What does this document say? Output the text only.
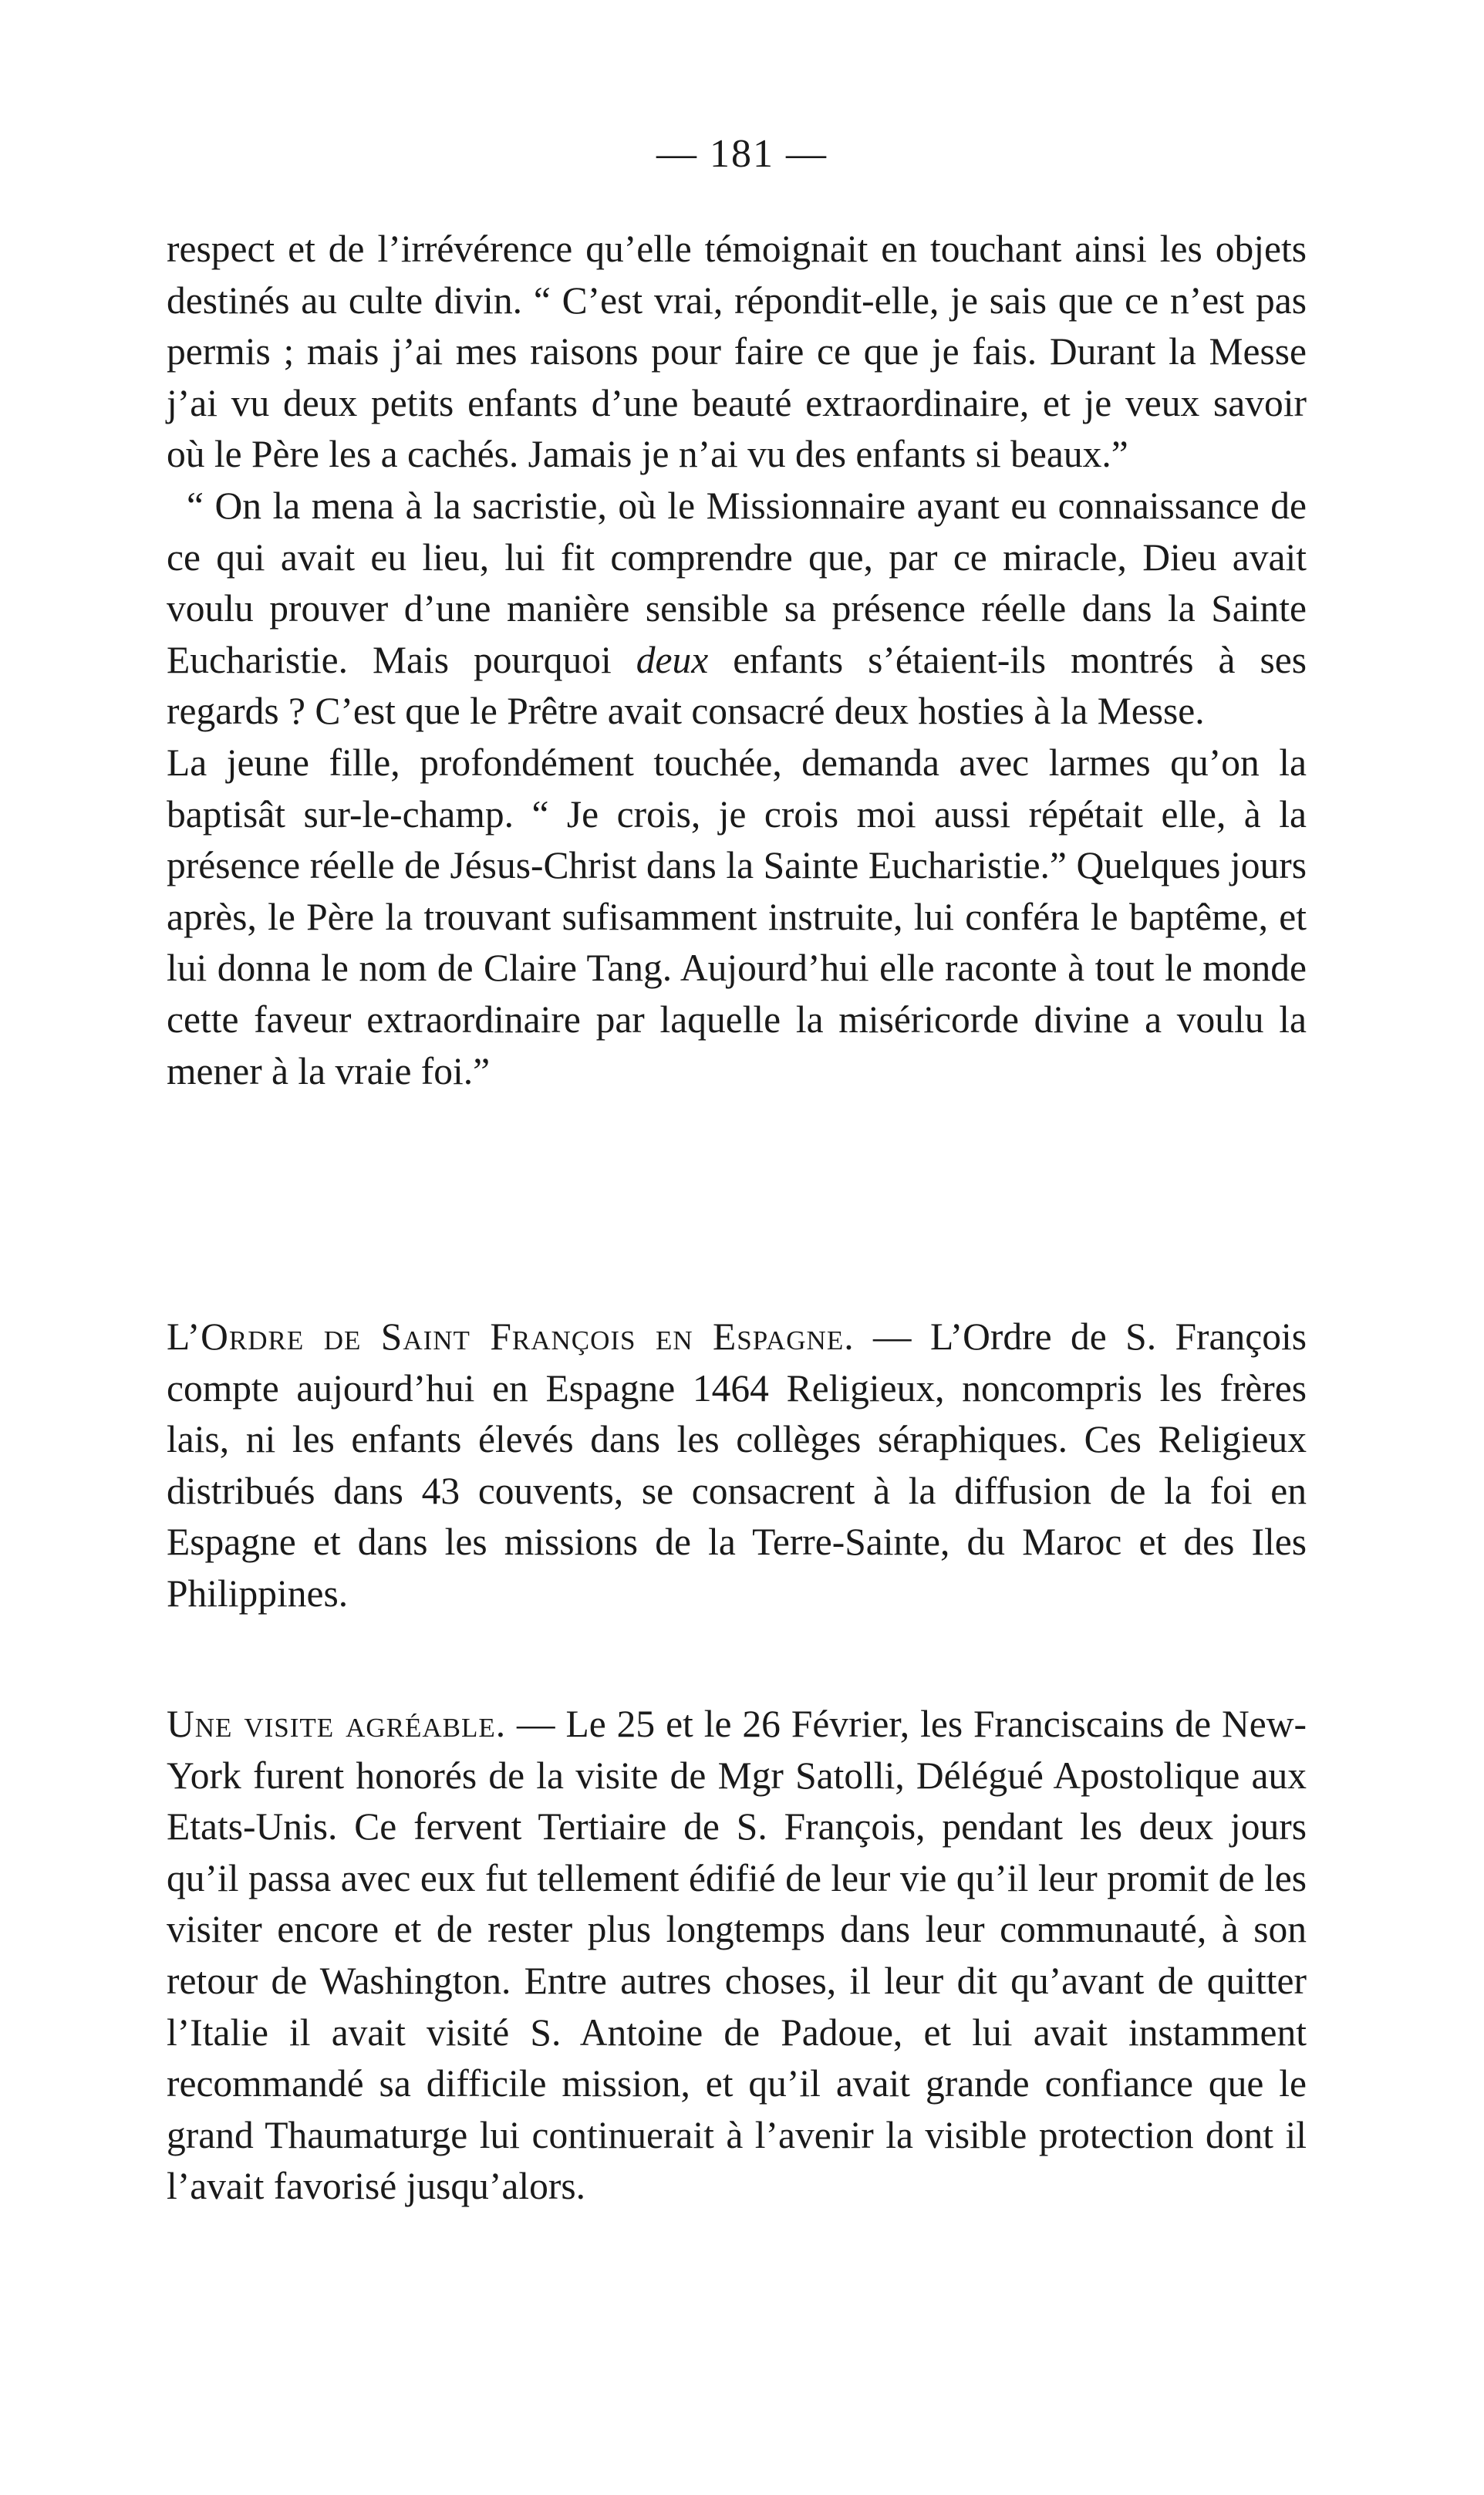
— 181 —

respect et de l’irrévérence qu’elle témoignait en touchant ainsi les objets destinés au culte divin. “ C’est vrai, répondit-elle, je sais que ce n’est pas permis ; mais j’ai mes raisons pour faire ce que je fais. Durant la Messe j’ai vu deux petits enfants d’une beauté extraordinaire, et je veux savoir où le Père les a cachés. Jamais je n’ai vu des enfants si beaux.”

“ On la mena à la sacristie, où le Missionnaire ayant eu connaissance de ce qui avait eu lieu, lui fit comprendre que, par ce miracle, Dieu avait voulu prouver d’une manière sensible sa présence réelle dans la Sainte Eucharistie. Mais pourquoi deux enfants s’étaient-ils montrés à ses regards ? C’est que le Prêtre avait consacré deux hosties à la Messe.

La jeune fille, profondément touchée, demanda avec larmes qu’on la baptisât sur-le-champ. “ Je crois, je crois moi aussi répétait elle, à la présence réelle de Jésus-Christ dans la Sainte Eucharistie.” Quelques jours après, le Père la trouvant sufisamment instruite, lui conféra le baptême, et lui donna le nom de Claire Tang. Aujourd’hui elle raconte à tout le monde cette faveur extraordinaire par laquelle la miséricorde divine a voulu la mener à la vraie foi.”

L’Ordre de Saint François en Espagne. — L’Ordre de S. François compte aujourd’hui en Espagne 1464 Religieux, noncompris les frères lais, ni les enfants élevés dans les collèges séraphiques. Ces Religieux distribués dans 43 couvents, se consacrent à la diffusion de la foi en Espagne et dans les missions de la Terre-Sainte, du Maroc et des Iles Philippines.

Une visite agréable. — Le 25 et le 26 Février, les Franciscains de New-York furent honorés de la visite de Mgr Satolli, Délégué Apostolique aux Etats-Unis. Ce fervent Tertiaire de S. François, pendant les deux jours qu’il passa avec eux fut tellement édifié de leur vie qu’il leur promit de les visiter encore et de rester plus longtemps dans leur communauté, à son retour de Washington. Entre autres choses, il leur dit qu’avant de quitter l’Italie il avait visité S. Antoine de Padoue, et lui avait instamment recommandé sa difficile mission, et qu’il avait grande confiance que le grand Thaumaturge lui continuerait à l’avenir la visible protection dont il l’avait favorisé jusqu’alors.
